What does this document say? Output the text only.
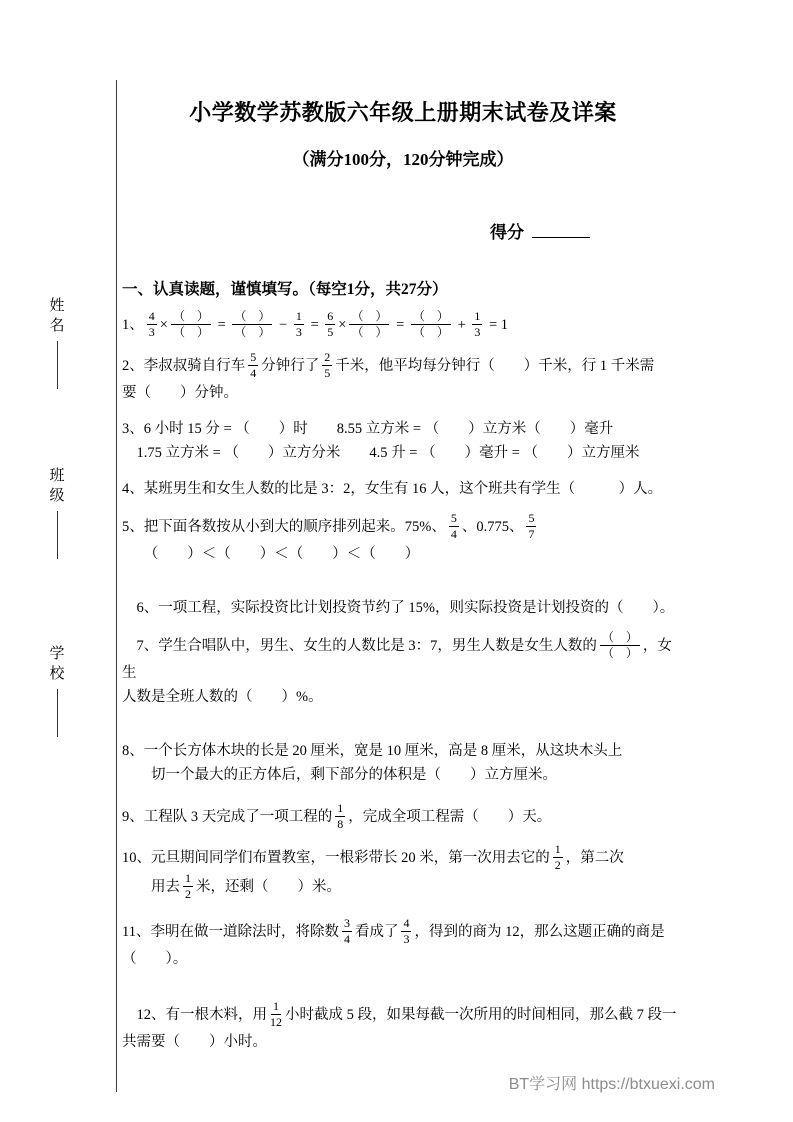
姓
名
班
级
学
校
小学数学苏教版六年级上册期末试卷及详案
（满分100分，120分钟完成）
得分
一、认真读题，谨慎填写。（每空1分，共27分）
1、 $\frac{4}{3} \times \frac{( )}{( )} = \frac{( )}{( )} - \frac{1}{3} = \frac{6}{5} \times \frac{( )}{( )} = \frac{( )}{( )} + \frac{1}{3} = 1$
2、李叔叔骑自行车 $\frac{5}{4}$ 分钟行了 $\frac{2}{5}$ 千米，他平均每分钟行（　　）千米，行 1 千米需
要（　　）分钟。
3、6 小时 15 分 = （　　）时　　8.55 立方米 = （　　）立方米（　　）毫升
　1.75 立方米 = （　　）立方分米　　4.5 升 = （　　）毫升 = （　　）立方厘米
4、某班男生和女生人数的比是 3：2，女生有 16 人，这个班共有学生（　　　）人。
5、把下面各数按从小到大的顺序排列起来。75%、 $\frac{5}{4}$ 、0.775、 $\frac{5}{7}$
　　（　　）＜（　　）＜（　　）＜（　　）
　6、一项工程，实际投资比计划投资节约了 15%，则实际投资是计划投资的（　　）。
　7、学生合唱队中，男生、女生的人数比是 3：7，男生人数是女生人数的 $\frac{( )}{( )}$ ，女生
人数是全班人数的（　　）%。
8、一个长方体木块的长是 20 厘米，宽是 10 厘米，高是 8 厘米，从这块木头上
　　切一个最大的正方体后，剩下部分的体积是（　　）立方厘米。
9、工程队 3 天完成了一项工程的 $\frac{1}{8}$ ，完成全项工程需（　　）天。
10、元旦期间同学们布置教室，一根彩带长 20 米，第一次用去它的 $\frac{1}{2}$ ，第二次
　　用去 $\frac{1}{2}$ 米，还剩（　　）米。
11、李明在做一道除法时，将除数 $\frac{3}{4}$ 看成了 $\frac{4}{3}$ ，得到的商为 12，那么这题正确的商是
（　　）。
　12、有一根木料，用 $\frac{1}{12}$ 小时截成 5 段，如果每截一次所用的时间相同，那么截 7 段一
共需要（　　）小时。
BT学习网 https://btxuexi.com
